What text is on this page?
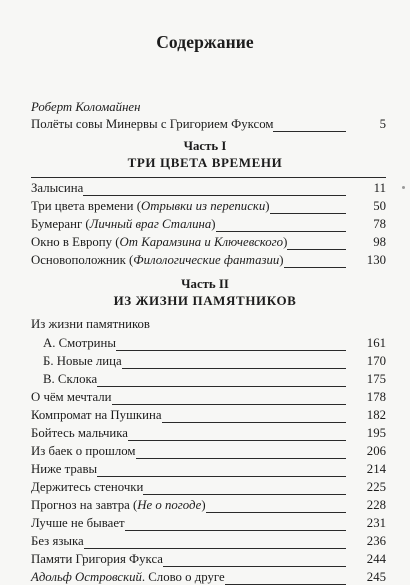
Содержание
Роберт Коломайнен
Полёты совы Минервы с Григорием Фуксом	5
Часть I
ТРИ ЦВЕТА ВРЕМЕНИ
Залысина	11
Три цвета времени (Отрывки из переписки)	50
Бумеранг (Личный враг Сталина)	78
Окно в Европу (От Карамзина и Ключевского)	98
Основоположник (Филологические фантазии)	130
Часть II
ИЗ ЖИЗНИ ПАМЯТНИКОВ
Из жизни памятников
А. Смотрины	161
Б. Новые лица	170
В. Склока	175
О чём мечтали	178
Компромат на Пушкина	182
Бойтесь мальчика	195
Из баек о прошлом	206
Ниже травы	214
Держитесь стеночки	225
Прогноз на завтра (Не о погоде)	228
Лучше не бывает	231
Без языка	236
Памяти Григория Фукса	244
Адольф Островский. Слово о друге	245
